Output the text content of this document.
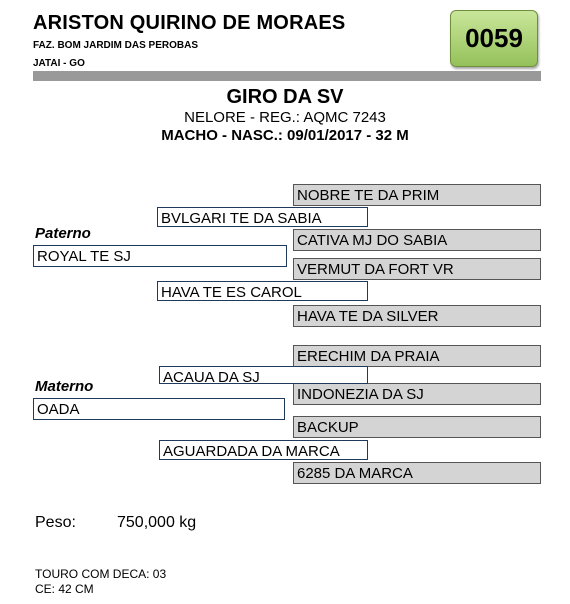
ARISTON QUIRINO DE MORAES
FAZ. BOM JARDIM DAS PEROBAS
JATAI - GO
0059
GIRO DA SV
NELORE - REG.: AQMC 7243
MACHO - NASC.: 09/01/2017 - 32 M
NOBRE TE DA PRIM
CATIVA MJ DO SABIA
VERMUT DA FORT VR
HAVA TE DA SILVER
ERECHIM DA PRAIA
INDONEZIA DA SJ
BACKUP
6285 DA MARCA
BVLGARI TE DA SABIA
HAVA TE ES CAROL
ACAUA DA SJ
AGUARDADA DA MARCA
Paterno
ROYAL TE SJ
Materno
OADA
Peso:	750,000 kg
TOURO COM DECA: 03
CE: 42 CM
